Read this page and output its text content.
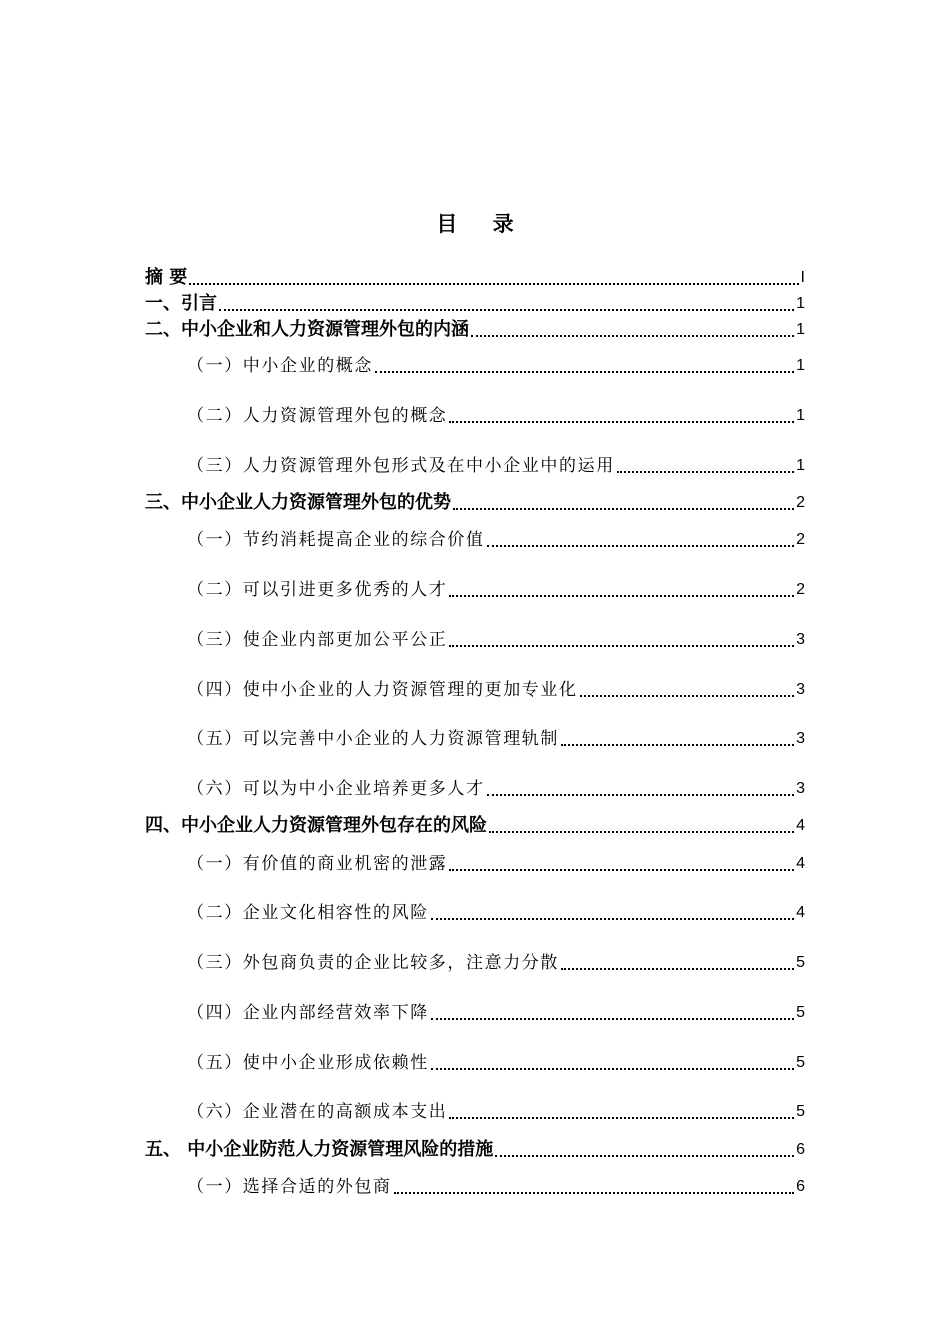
目 录
摘 要	I
一、引言	1
二、中小企业和人力资源管理外包的内涵	1
（一）中小企业的概念	1
（二）人力资源管理外包的概念	1
（三）人力资源管理外包形式及在中小企业中的运用	1
三、中小企业人力资源管理外包的优势	2
（一）节约消耗提高企业的综合价值	2
（二）可以引进更多优秀的人才	2
（三）使企业内部更加公平公正	3
（四）使中小企业的人力资源管理的更加专业化	3
（五）可以完善中小企业的人力资源管理轨制	3
（六）可以为中小企业培养更多人才	3
四、中小企业人力资源管理外包存在的风险	4
（一）有价值的商业机密的泄露	4
（二）企业文化相容性的风险	4
（三）外包商负责的企业比较多，注意力分散	5
（四）企业内部经营效率下降	5
（五）使中小企业形成依赖性	5
（六）企业潜在的高额成本支出	5
五、 中小企业防范人力资源管理风险的措施	6
（一）选择合适的外包商	6
